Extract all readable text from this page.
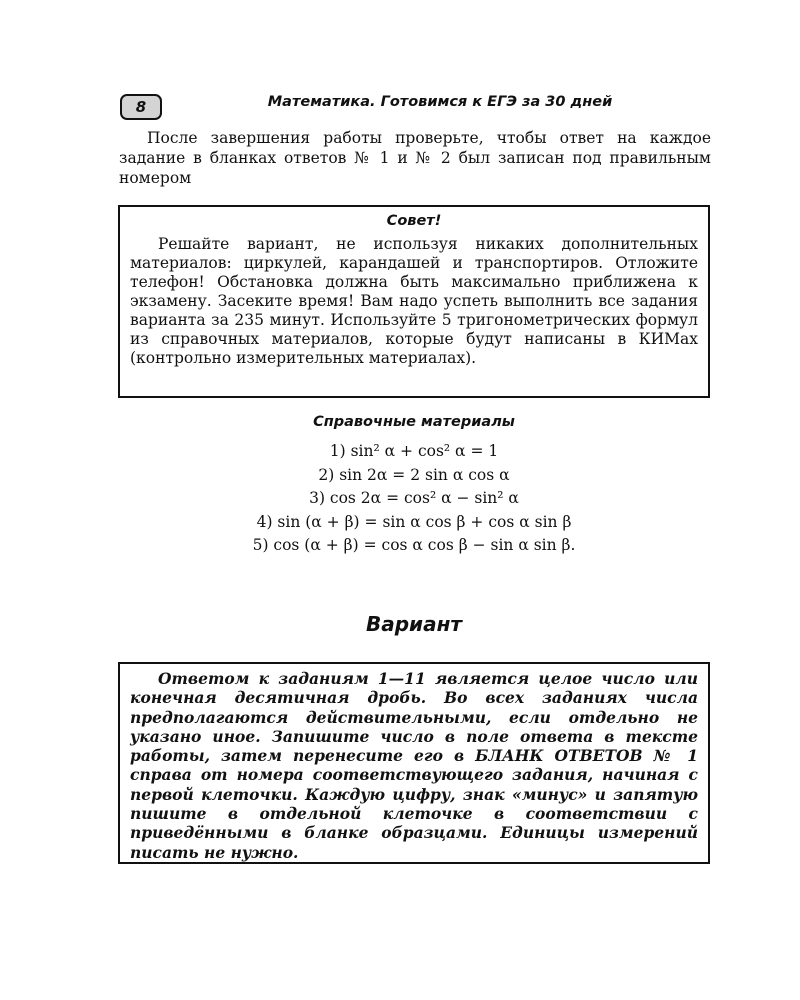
8	Математика. Готовимся к ЕГЭ за 30 дней

После завершения работы проверьте, чтобы ответ на каждое задание в бланках ответов № 1 и № 2 был записан под правильным номером

Совет!

Решайте вариант, не используя никаких дополнительных материалов: циркулей, карандашей и транспортиров. Отложите телефон! Обстановка должна быть максимально приближена к экзамену. Засеките время! Вам надо успеть выполнить все задания варианта за 235 минут. Используйте 5 тригонометрических формул из справочных материалов, которые будут написаны в КИМах (контрольно измерительных материалах).

Справочные материалы
1) sin² α + cos² α = 1
2) sin 2α = 2 sin α cos α
3) cos 2α = cos² α − sin² α
4) sin (α + β) = sin α cos β + cos α sin β
5) cos (α + β) = cos α cos β − sin α sin β.
Вариант

Ответом к заданиям 1—11 является целое число или конечная десятичная дробь. Во всех заданиях числа предполагаются действительными, если отдельно не указано иное. Запишите число в поле ответа в тексте работы, затем перенесите его в БЛАНК ОТВЕТОВ № 1 справа от номера соответствующего задания, начиная с первой клеточки. Каждую цифру, знак «минус» и запятую пишите в отдельной клеточке в соответствии с приведёнными в бланке образцами. Единицы измерений писать не нужно.
